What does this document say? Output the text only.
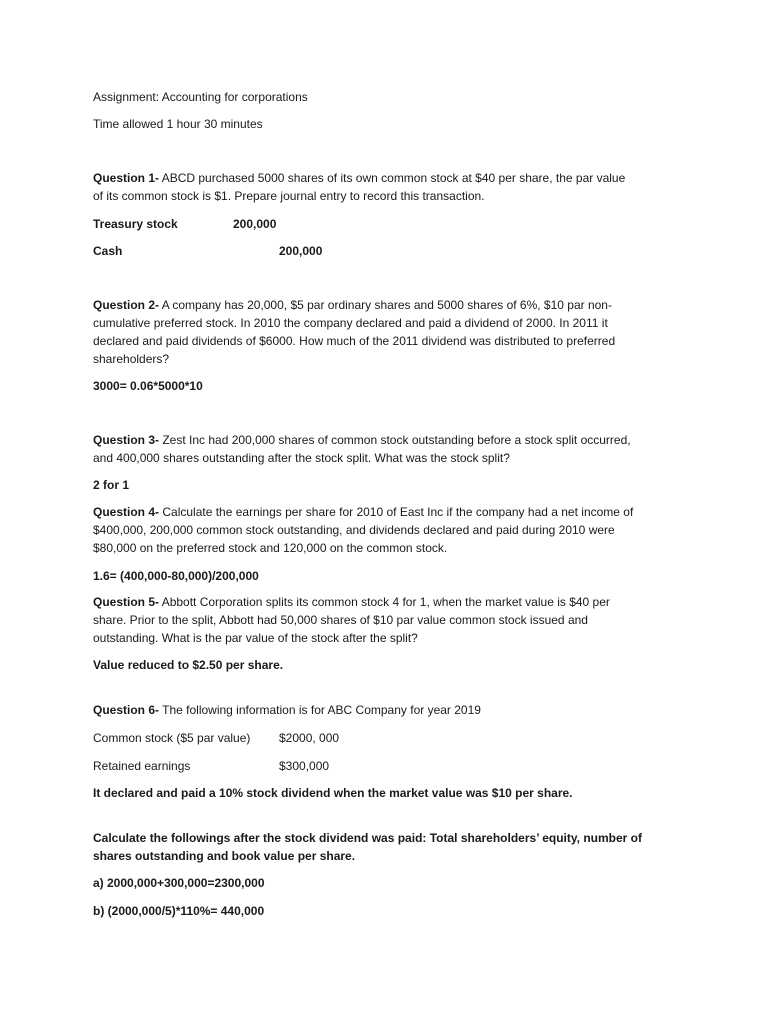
Assignment: Accounting for corporations
Time allowed 1 hour 30 minutes
Question 1- ABCD purchased 5000 shares of its own common stock at $40 per share, the par value
of its common stock is $1. Prepare journal entry to record this transaction.
Treasury stock	200,000
Cash	200,000
Question 2- A company has 20,000, $5 par ordinary shares and 5000 shares of 6%, $10 par non-
cumulative preferred stock. In 2010 the company declared and paid a dividend of 2000. In 2011 it
declared and paid dividends of $6000. How much of the 2011 dividend was distributed to preferred
shareholders?
3000= 0.06*5000*10
Question 3- Zest Inc had 200,000 shares of common stock outstanding before a stock split occurred,
and 400,000 shares outstanding after the stock split. What was the stock split?
2 for 1
Question 4- Calculate the earnings per share for 2010 of East Inc if the company had a net income of
$400,000, 200,000 common stock outstanding, and dividends declared and paid during 2010 were
$80,000 on the preferred stock and 120,000 on the common stock.
1.6= (400,000-80,000)/200,000
Question 5- Abbott Corporation splits its common stock 4 for 1, when the market value is $40 per
share. Prior to the split, Abbott had 50,000 shares of $10 par value common stock issued and
outstanding. What is the par value of the stock after the split?
Value reduced to $2.50 per share.
Question 6- The following information is for ABC Company for year 2019
Common stock ($5 par value) $2000, 000
Retained earnings	$300,000
It declared and paid a 10% stock dividend when the market value was $10 per share.
Calculate the followings after the stock dividend was paid: Total shareholders’ equity, number of
shares outstanding and book value per share.
a) 2000,000+300,000=2300,000
b) (2000,000/5)*110%= 440,000
